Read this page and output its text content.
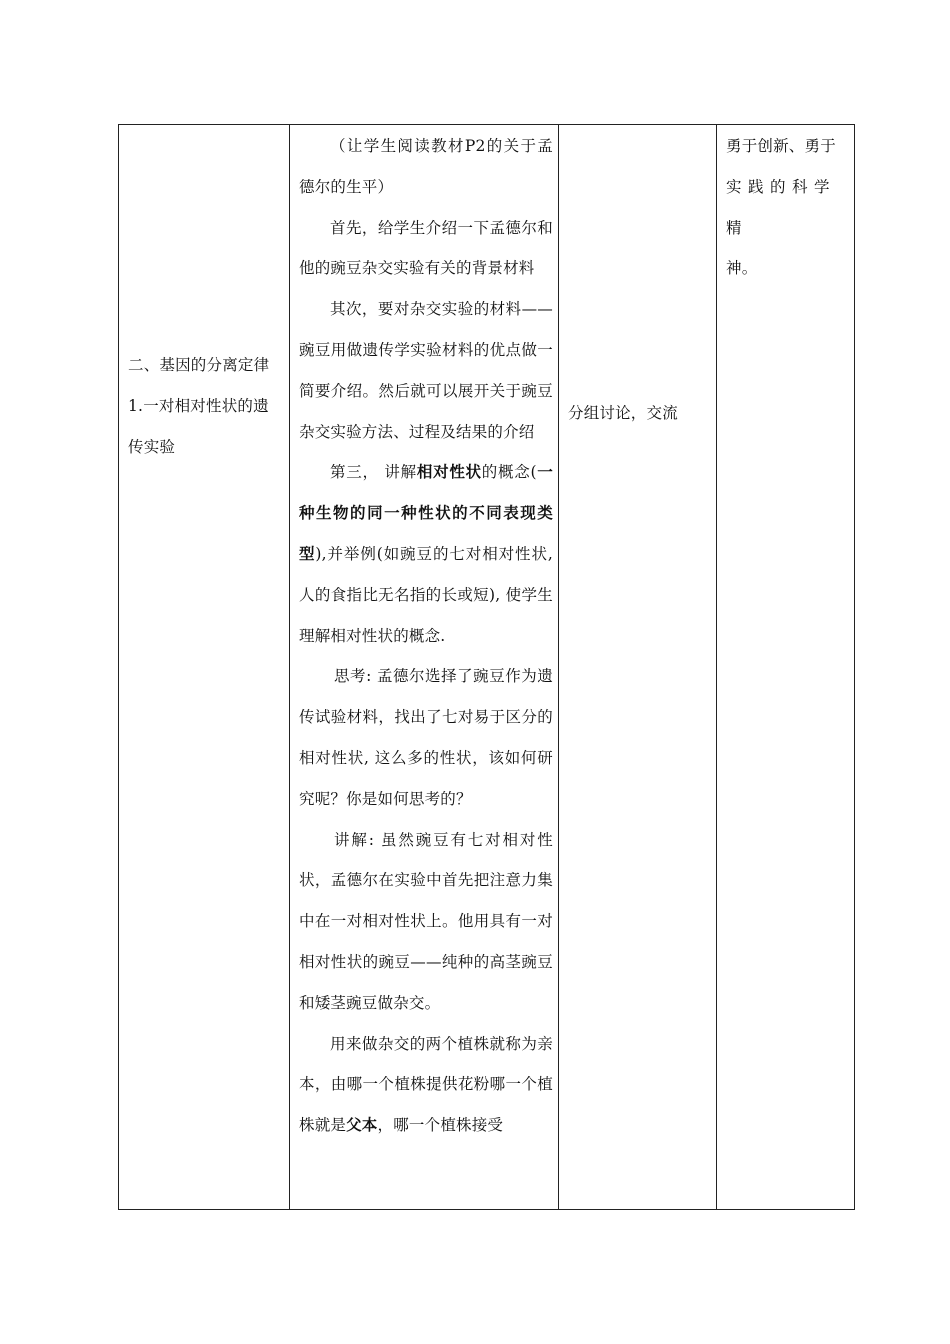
二、基因的分离定律
1.一对相对性状的遗传实验

（让学生阅读教材P2的关于孟德尔的生平）

首先，给学生介绍一下孟德尔和他的豌豆杂交实验有关的背景材料

其次，要对杂交实验的材料——豌豆用做遗传学实验材料的优点做一简要介绍。然后就可以展开关于豌豆杂交实验方法、过程及结果的介绍

第三， 讲解相对性状的概念(一种生物的同一种性状的不同表现类型),并举例(如豌豆的七对相对性状, 人的食指比无名指的长或短), 使学生理解相对性状的概念.

思考: 孟德尔选择了豌豆作为遗传试验材料，找出了七对易于区分的相对性状, 这么多的性状，该如何研究呢？你是如何思考的？

讲解: 虽然豌豆有七对相对性状，孟德尔在实验中首先把注意力集中在一对相对性状上。他用具有一对相对性状的豌豆——纯种的高茎豌豆和矮茎豌豆做杂交。

用来做杂交的两个植株就称为亲本，由哪一个植株提供花粉哪一个植株就是父本，哪一个植株接受

分组讨论，交流
勇于创新、勇于
实践的科学精
神。
